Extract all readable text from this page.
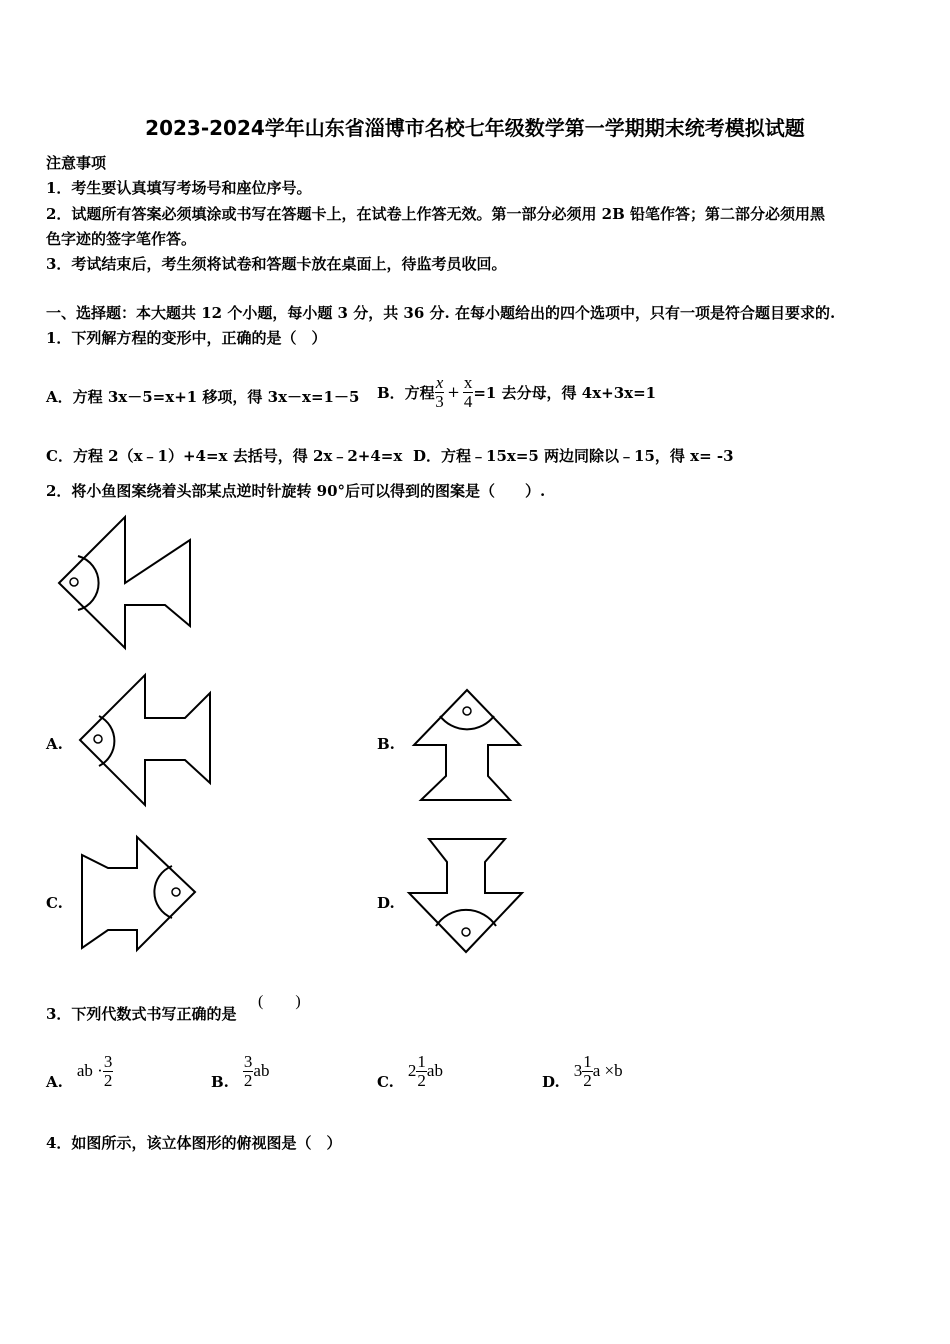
2023-2024学年山东省淄博市名校七年级数学第一学期期末统考模拟试题
注意事项
1．考生要认真填写考场号和座位序号。
2．试题所有答案必须填涂或书写在答题卡上，在试卷上作答无效。第一部分必须用 2B 铅笔作答；第二部分必须用黑
色字迹的签字笔作答。
3．考试结束后，考生须将试卷和答题卡放在桌面上，待监考员收回。
一、选择题：本大题共 12 个小题，每小题 3 分，共 36 分. 在每小题给出的四个选项中，只有一项是符合题目要求的.
1．下列解方程的变形中，正确的是（　）
A．方程 3x－5=x+1 移项，得 3x－x=1－5 B．方程 $\frac{x}{3} + \frac{x}{4} =1$ 去分母，得 4x+3x=1
C．方程 2（x﹣1）+4=x 去括号，得 2x﹣2+4=x D．方程﹣15x=5 两边同除以﹣15，得 x= -3
2．将小鱼图案绕着头部某点逆时针旋转 90°后可以得到的图案是（　　）.
A.	B.
C.	D.
3．下列代数式书写正确的是
(　　)
A.
ab · $\frac{3}{2}$	B. $\frac{3}{2}$ ab
C.
$2 \frac{1}{2}$ ab
D.
$3 \frac{1}{2}$ a ×b
4．如图所示，该立体图形的俯视图是（　）
